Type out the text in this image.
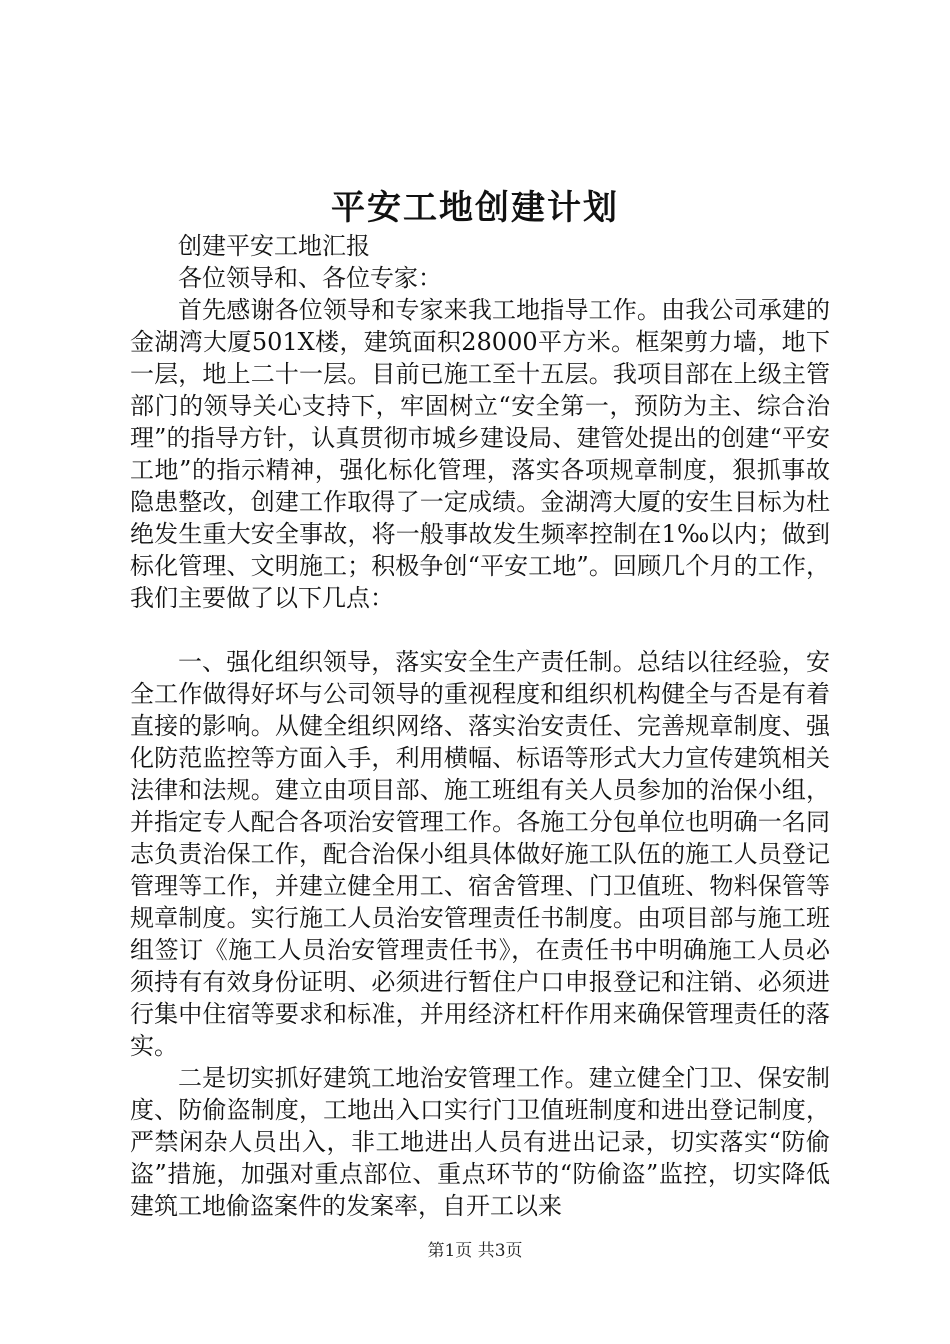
平安工地创建计划

创建平安工地汇报

各位领导和、各位专家：

首先感谢各位领导和专家来我工地指导工作。由我公司承建的金湖湾大厦501X楼，建筑面积28000平方米。框架剪力墙，地下一层，地上二十一层。目前已施工至十五层。我项目部在上级主管部门的领导关心支持下，牢固树立“安全第一，预防为主、综合治理”的指导方针，认真贯彻市城乡建设局、建管处提出的创建“平安工地”的指示精神，强化标化管理，落实各项规章制度，狠抓事故隐患整改，创建工作取得了一定成绩。金湖湾大厦的安生目标为杜绝发生重大安全事故，将一般事故发生频率控制在1‰以内；做到标化管理、文明施工；积极争创“平安工地”。回顾几个月的工作，我们主要做了以下几点：

一、强化组织领导，落实安全生产责任制。总结以往经验，安全工作做得好坏与公司领导的重视程度和组织机构健全与否是有着直接的影响。从健全组织网络、落实治安责任、完善规章制度、强化防范监控等方面入手，利用横幅、标语等形式大力宣传建筑相关法律和法规。建立由项目部、施工班组有关人员参加的治保小组，并指定专人配合各项治安管理工作。各施工分包单位也明确一名同志负责治保工作，配合治保小组具体做好施工队伍的施工人员登记管理等工作，并建立健全用工、宿舍管理、门卫值班、物料保管等规章制度。实行施工人员治安管理责任书制度。由项目部与施工班组签订《施工人员治安管理责任书》，在责任书中明确施工人员必须持有有效身份证明、必须进行暂住户口申报登记和注销、必须进行集中住宿等要求和标准，并用经济杠杆作用来确保管理责任的落实。

二是切实抓好建筑工地治安管理工作。建立健全门卫、保安制度、防偷盗制度，工地出入口实行门卫值班制度和进出登记制度，严禁闲杂人员出入，非工地进出人员有进出记录，切实落实“防偷盗”措施，加强对重点部位、重点环节的“防偷盗”监控，切实降低建筑工地偷盗案件的发案率，自开工以来

第1页 共3页
